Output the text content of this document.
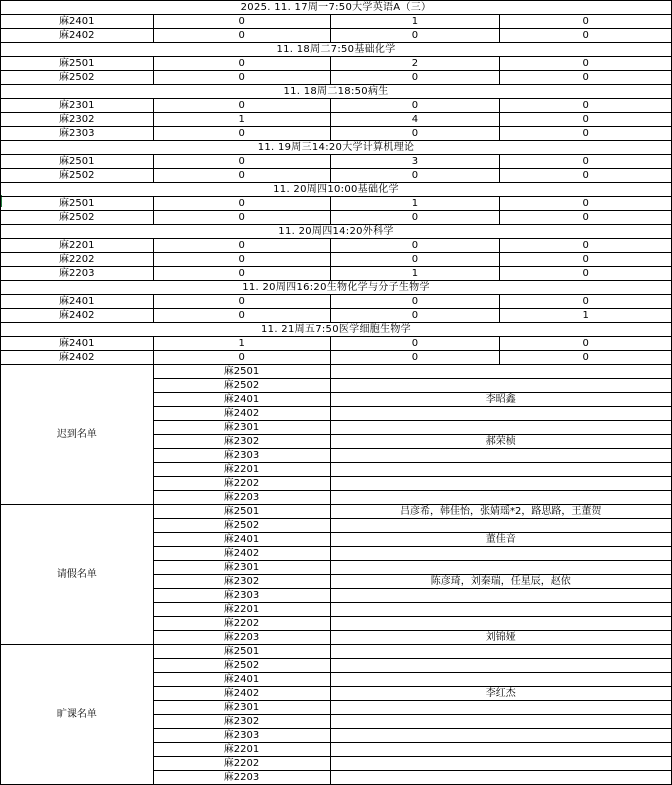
2025. 11. 17周一7:50大学英语A（三）			
麻2401	0	1	0
麻2402	0	0	0
11. 18周二7:50基础化学			
麻2501	0	2	0
麻2502	0	0	0
11. 18周二18:50病生			
麻2301	0	0	0
麻2302	1	4	0
麻2303	0	0	0
11. 19周三14:20大学计算机理论			
麻2501	0	3	0
麻2502	0	0	0
11. 20周四10:00基础化学			
麻2501	0	1	0
麻2502	0	0	0
11. 20周四14:20外科学			
麻2201	0	0	0
麻2202	0	0	0
麻2203	0	1	0
11. 20周四16:20生物化学与分子生物学			
麻2401	0	0	0
麻2402	0	0	1
11. 21周五7:50医学细胞生物学			
麻2401	1	0	0
麻2402	0	0	0
迟到名单	麻2501		
	麻2502		
	麻2401	李昭鑫	
	麻2402		
	麻2301		
	麻2302	郝荣桢	
	麻2303		
	麻2201		
	麻2202		
	麻2203		
请假名单	麻2501	吕彦希，韩佳怡，张婧瑶*2，路思路，王董贺	
	麻2502		
	麻2401	董佳音	
	麻2402		
	麻2301		
	麻2302	陈彦琦，刘秦瑞，任星辰，赵依	
	麻2303		
	麻2201		
	麻2202		
	麻2203	刘锦娅	
旷课名单	麻2501		
	麻2502		
	麻2401		
	麻2402	李红杰	
	麻2301		
	麻2302		
	麻2303		
	麻2201		
	麻2202		
	麻2203		
